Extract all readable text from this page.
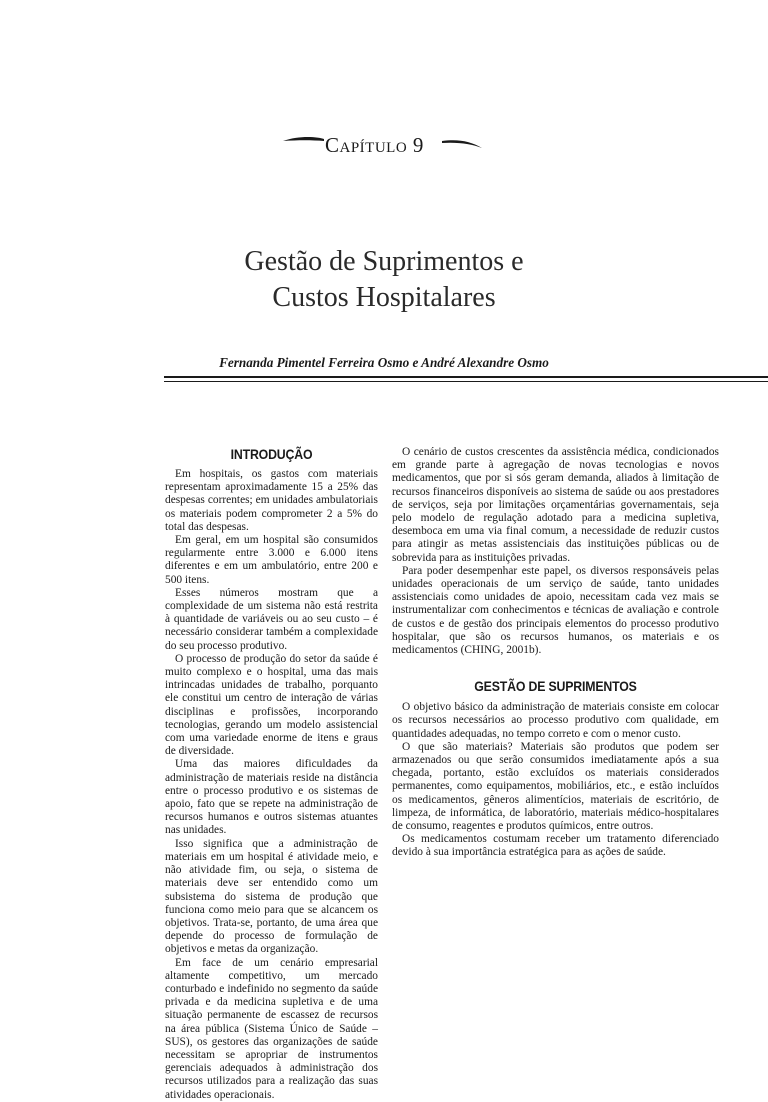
Capítulo 9
Gestão de Suprimentos e
Custos Hospitalares
Fernanda Pimentel Ferreira Osmo e André Alexandre Osmo
INTRODUÇÃO

Em hospitais, os gastos com materiais representam aproximadamente 15 a 25% das despesas correntes; em unidades ambulatoriais os materiais podem comprometer 2 a 5% do total das despesas.

Em geral, em um hospital são consumidos regularmente entre 3.000 e 6.000 itens diferentes e em um ambulatório, entre 200 e 500 itens.

Esses números mostram que a complexidade de um sistema não está restrita à quantidade de variáveis ou ao seu custo – é necessário considerar também a complexidade do seu processo produtivo.

O processo de produção do setor da saúde é muito complexo e o hospital, uma das mais intrincadas unidades de trabalho, porquanto ele constitui um centro de interação de várias disciplinas e profissões, incorporando tecnologias, gerando um modelo assistencial com uma variedade enorme de itens e graus de diversidade.

Uma das maiores dificuldades da administração de materiais reside na distância entre o processo produtivo e os sistemas de apoio, fato que se repete na administração de recursos humanos e outros sistemas atuantes nas unidades.

Isso significa que a administração de materiais em um hospital é atividade meio, e não atividade fim, ou seja, o sistema de materiais deve ser entendido como um subsistema do sistema de produção que funciona como meio para que se alcancem os objetivos. Trata-se, portanto, de uma área que depende do processo de formulação de objetivos e metas da organização.

Em face de um cenário empresarial altamente competitivo, um mercado conturbado e indefinido no segmento da saúde privada e da medicina supletiva e de uma situação permanente de escassez de recursos na área pública (Sistema Único de Saúde – SUS), os gestores das organizações de saúde necessitam se apropriar de instrumentos gerenciais adequados à administração dos recursos utilizados para a realização das suas atividades operacionais.

O cenário de custos crescentes da assistência médica, condicionados em grande parte à agregação de novas tecnologias e novos medicamentos, que por si sós geram demanda, aliados à limitação de recursos financeiros disponíveis ao sistema de saúde ou aos prestadores de serviços, seja por limitações orçamentárias governamentais, seja pelo modelo de regulação adotado para a medicina supletiva, desemboca em uma via final comum, a necessidade de reduzir custos para atingir as metas assistenciais das instituições públicas ou de sobrevida para as instituições privadas.

Para poder desempenhar este papel, os diversos responsáveis pelas unidades operacionais de um serviço de saúde, tanto unidades assistenciais como unidades de apoio, necessitam cada vez mais se instrumentalizar com conhecimentos e técnicas de avaliação e controle de custos e de gestão dos principais elementos do processo produtivo hospitalar, que são os recursos humanos, os materiais e os medicamentos (CHING, 2001b).

GESTÃO DE SUPRIMENTOS

O objetivo básico da administração de materiais consiste em colocar os recursos necessários ao processo produtivo com qualidade, em quantidades adequadas, no tempo correto e com o menor custo.

O que são materiais? Materiais são produtos que podem ser armazenados ou que serão consumidos imediatamente após a sua chegada, portanto, estão excluídos os materiais considerados permanentes, como equipamentos, mobiliários, etc., e estão incluídos os medicamentos, gêneros alimentícios, materiais de escritório, de limpeza, de informática, de laboratório, materiais médico-hospitalares de consumo, reagentes e produtos químicos, entre outros.

Os medicamentos costumam receber um tratamento diferenciado devido à sua importância estratégica para as ações de saúde.
